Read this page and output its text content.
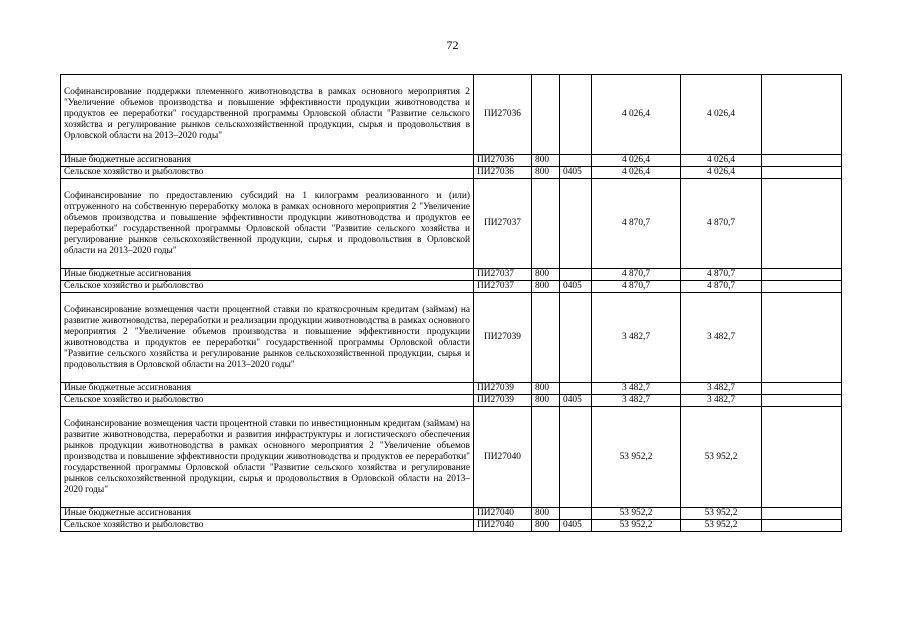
72
Софинансирование поддержки племенного животноводства в рамках основного мероприятия 2 "Увеличение объемов производства и повышение эффективности продукции животноводства и продуктов ее переработки" государственной программы Орловской области "Развитие сельского хозяйства и регулирование рынков сельскохозяйственной продукции, сырья и продовольствия в Орловской области на 2013–2020 годы"	ПИ27036			4 026,4	4 026,4	
Иные бюджетные ассигнования	ПИ27036	800		4 026,4	4 026,4	
Сельское хозяйство и рыболовство	ПИ27036	800	0405	4 026,4	4 026,4	
Софинансирование по предоставлению субсидий на 1 килограмм реализованного и (или) отгруженного на собственную переработку молока в рамках основного мероприятия 2 "Увеличение объемов производства и повышение эффективности продукции животноводства и продуктов ее переработки" государственной программы Орловской области "Развитие сельского хозяйства и регулирование рынков сельскохозяйственной продукции, сырья и продовольствия в Орловской области на 2013–2020 годы"	ПИ27037			4 870,7	4 870,7	
Иные бюджетные ассигнования	ПИ27037	800		4 870,7	4 870,7	
Сельское хозяйство и рыболовство	ПИ27037	800	0405	4 870,7	4 870,7	
Софинансирование возмещения части процентной ставки по краткосрочным кредитам (займам) на развитие животноводства, переработки и реализации продукции животноводства в рамках основного мероприятия 2 "Увеличение объемов производства и повышение эффективности продукции животноводства и продуктов ее переработки" государственной программы Орловской области "Развитие сельского хозяйства и регулирование рынков сельскохозяйственной продукции, сырья и продовольствия в Орловской области на 2013–2020 годы"	ПИ27039			3 482,7	3 482,7	
Иные бюджетные ассигнования	ПИ27039	800		3 482,7	3 482,7	
Сельское хозяйство и рыболовство	ПИ27039	800	0405	3 482,7	3 482,7	
Софинансирование возмещения части процентной ставки по инвестиционным кредитам (займам) на развитие животноводства, переработки и развития инфраструктуры и логистического обеспечения рынков продукции животноводства в рамках основного мероприятия 2 "Увеличение объемов производства и повышение эффективности продукции животноводства и продуктов ее переработки" государственной программы Орловской области "Развитие сельского хозяйства и регулирование рынков сельскохозяйственной продукции, сырья и продовольствия в Орловской области на 2013–2020 годы"	ПИ27040			53 952,2	53 952,2	
Иные бюджетные ассигнования	ПИ27040	800		53 952,2	53 952,2	
Сельское хозяйство и рыболовство	ПИ27040	800	0405	53 952,2	53 952,2	
